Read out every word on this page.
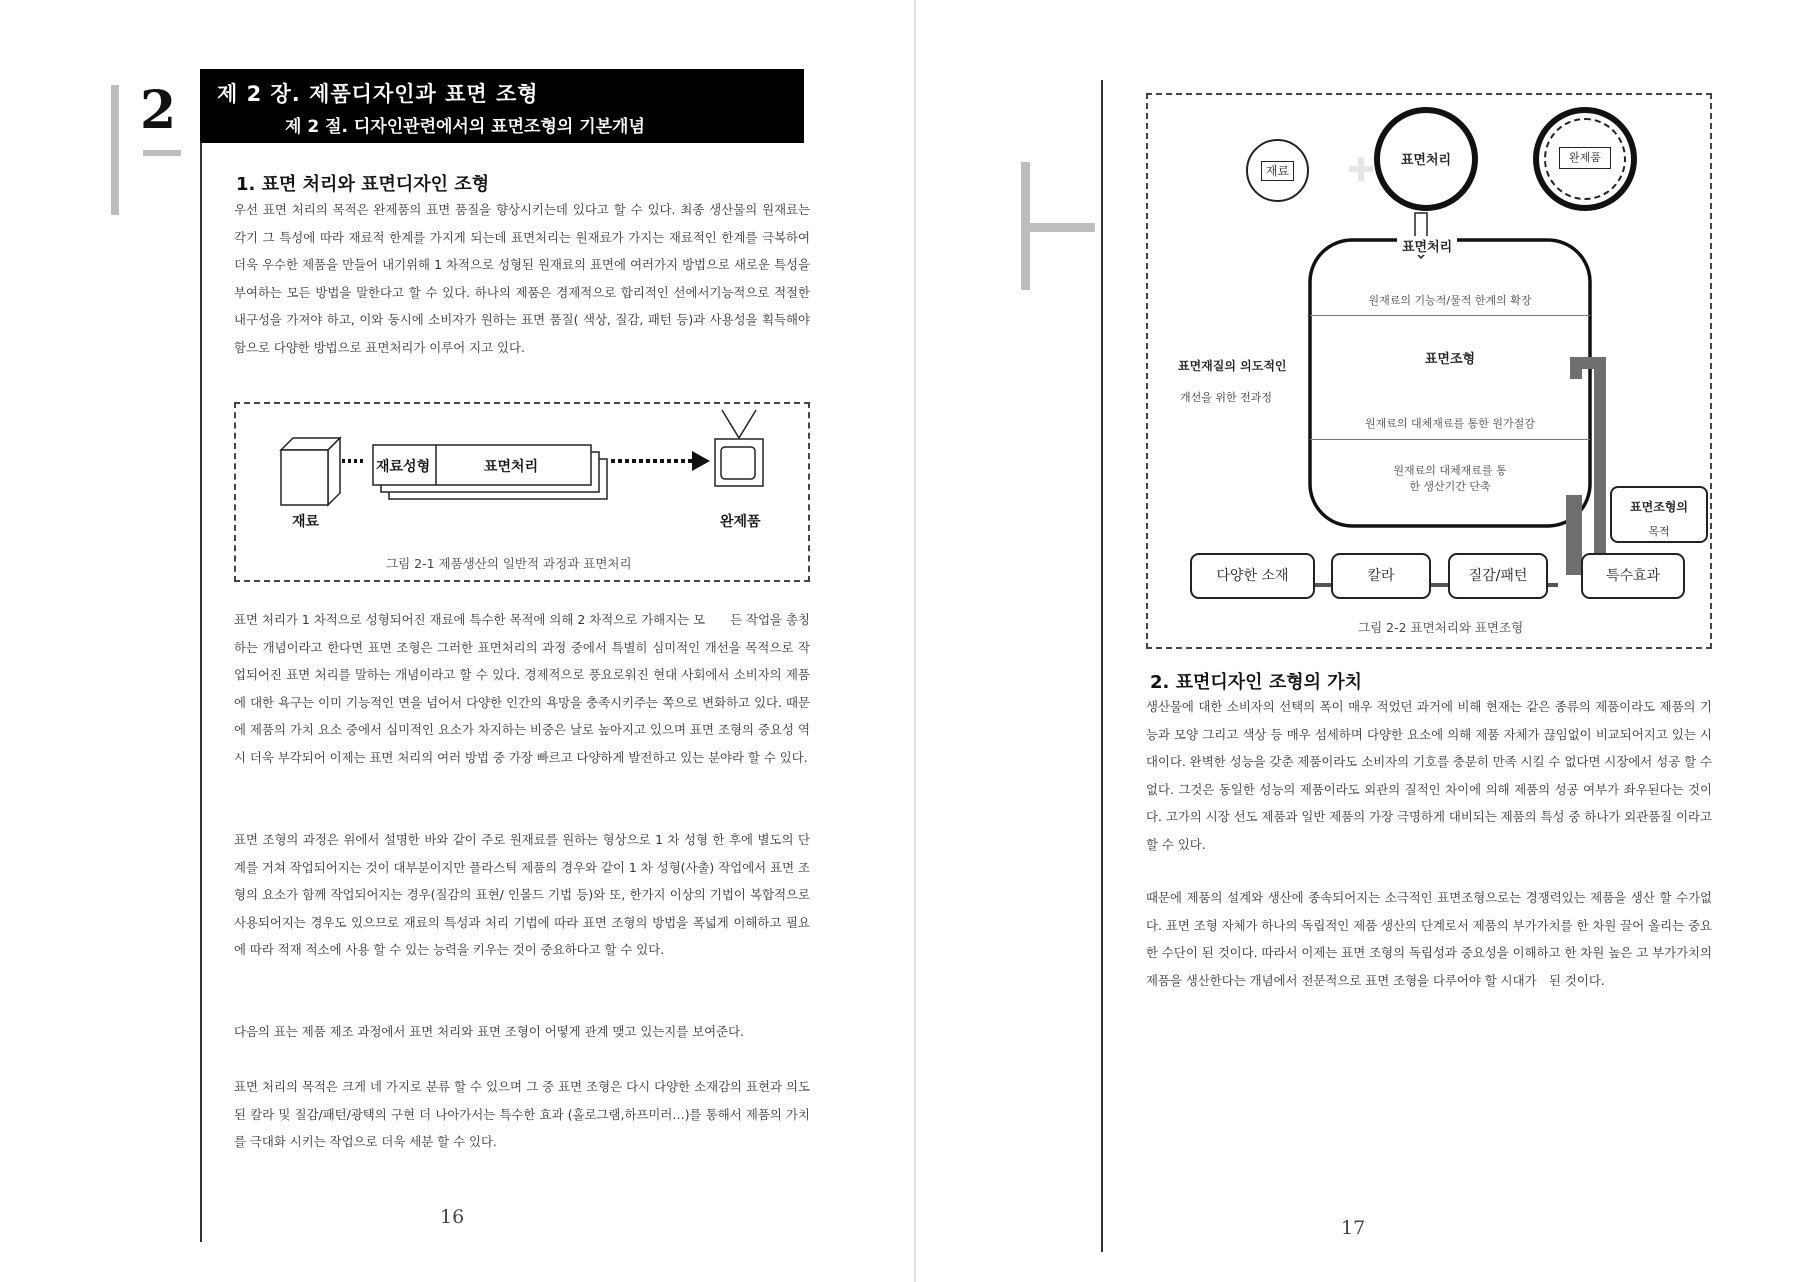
2 제 2 장. 제품디자인과 표면 조형
제 2 절. 디자인관련에서의 표면조형의 기본개념
1. 표면 처리와 표면디자인 조형
우선 표면 처리의 목적은 완제품의 표면 품질을 향상시키는데 있다고 할 수 있다. 최종 생산물의 원재료는 각기 그 특성에 따라 재료적 한계를 가지게 되는데 표면처리는 원재료가 가지는 재료적인 한계를 극복하여 더욱 우수한 제품을 만들어 내기위해 1 차적으로 성형된 원재료의 표면에 여러가지 방법으로 새로운 특성을 부여하는 모든 방법을 말한다고 할 수 있다. 하나의 제품은 경제적으로 합리적인 선에서기능적으로 적절한 내구성을 가져야 하고, 이와 동시에 소비자가 원하는 표면 품질( 색상, 질감, 패턴 등)과 사용성을 획득해야 함으로 다양한 방법으로 표면처리가 이루어 지고 있다.
재료
재료성형	표면처리
완제품
그림 2-1 제품생산의 일반적 과정과 표면처리
표면 처리가 1 차적으로 성형되어진 재료에 특수한 목적에 의해 2 차적으로 가해지는 모　　든 작업을 총칭하는 개념이라고 한다면 표면 조형은 그러한 표면처리의 과정 중에서 특별히 심미적인 개선을 목적으로 작업되어진 표면 처리를 말하는 개념이라고 할 수 있다. 경제적으로 풍요로워진 현대 사회에서 소비자의 제품에 대한 욕구는 이미 기능적인 면을 넘어서 다양한 인간의 욕망을 충족시키주는 쪽으로 변화하고 있다. 때문에 제품의 가치 요소 중에서 심미적인 요소가 차지하는 비중은 날로 높아지고 있으며 표면 조형의 중요성 역시 더욱 부각되어 이제는 표면 처리의 여러 방법 중 가장 빠르고 다양하게 발전하고 있는 분야라 할 수 있다.
표면 조형의 과정은 위에서 설명한 바와 같이 주로 원재료를 원하는 형상으로 1 차 성형 한 후에 별도의 단계를 거쳐 작업되어지는 것이 대부분이지만 플라스틱 제품의 경우와 같이 1 차 성형(사출) 작업에서 표면 조형의 요소가 함께 작업되어지는 경우(질감의 표현/ 인몰드 기법 등)와 또, 한가지 이상의 기법이 복합적으로 사용되어지는 경우도 있으므로 재료의 특성과 처리 기법에 따라 표면 조형의 방법을 폭넓게 이해하고 필요에 따라 적재 적소에 사용 할 수 있는 능력을 키우는 것이 중요하다고 할 수 있다.
다음의 표는 제품 제조 과정에서 표면 처리와 표면 조형이 어떻게 관계 맺고 있는지를 보여준다.
표면 처리의 목적은 크게 네 가지로 분류 할 수 있으며 그 중 표면 조형은 다시 다양한 소재감의 표현과 의도된 칼라 및 질감/패턴/광택의 구현 더 나아가서는 특수한 효과 (홀로그램,하프미러…)를 통해서 제품의 가치를 극대화 시키는 작업으로 더욱 세분 할 수 있다.
16
재료
표면처리	완제품
표면처리
원재료의 기능적/물적 한계의 확장
표면조형
원재료의 대체재료를 통한 원가절감
원재료의 대체재료를 통한 생산기간 단축
표면재질의 의도적인
개선을 위한 전과정
표면조형의
목적
다양한 소재	칼라	질감/패턴	특수효과
그림 2-2 표면처리와 표면조형
2. 표면디자인 조형의 가치
생산물에 대한 소비자의 선택의 폭이 매우 적었던 과거에 비해 현재는 같은 종류의 제품이라도 제품의 기능과 모양 그리고 색상 등 매우 섬세하며 다양한 요소에 의해 제품 자체가 끊임없이 비교되어지고 있는 시대이다. 완벽한 성능을 갖춘 제품이라도 소비자의 기호를 충분히 만족 시킬 수 없다면 시장에서 성공 할 수 없다. 그것은 동일한 성능의 제품이라도 외관의 질적인 차이에 의해 제품의 성공 여부가 좌우된다는 것이다. 고가의 시장 선도 제품과 일반 제품의 가장 극명하게 대비되는 제품의 특성 중 하나가 외관품질 이라고 할 수 있다.
때문에 제품의 설계와 생산에 종속되어지는 소극적인 표면조형으로는 경쟁력있는 제품을 생산 할 수가없다. 표면 조형 자체가 하나의 독립적인 제품 생산의 단계로서 제품의 부가가치를 한 차원 끌어 올리는 중요한 수단이 된 것이다. 따라서 이제는 표면 조형의 독립성과 중요성을 이해하고 한 차원 높은 고 부가가치의 제품을 생산한다는 개념에서 전문적으로 표면 조형을 다루어야 할 시대가　된 것이다.
17
